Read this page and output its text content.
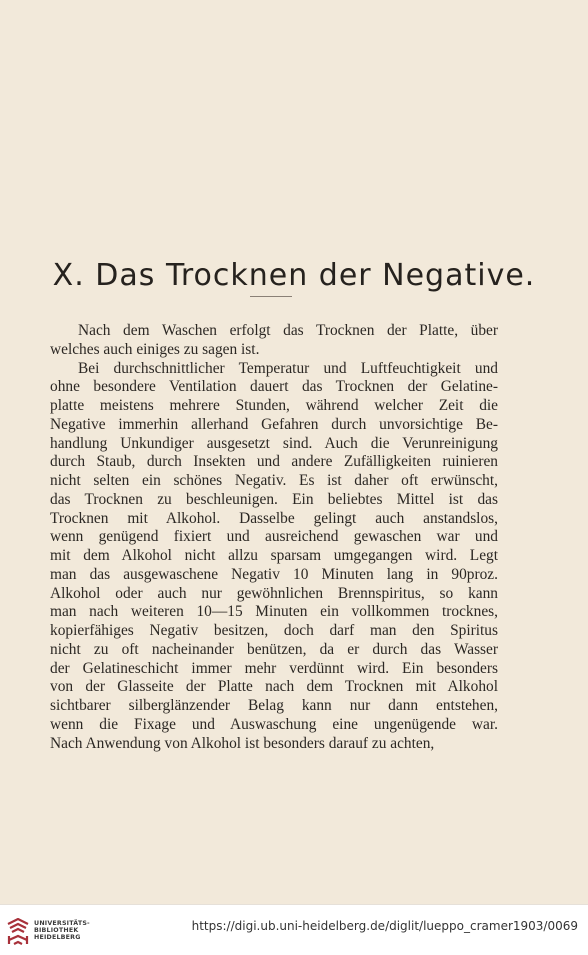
X. Das Trocknen der Negative.
Nach dem Waschen erfolgt das Trocknen der Platte, über
welches auch einiges zu sagen ist.
Bei durchschnittlicher Temperatur und Luftfeuchtigkeit und
ohne besondere Ventilation dauert das Trocknen der Gelatine-
platte meistens mehrere Stunden, während welcher Zeit die
Negative immerhin allerhand Gefahren durch unvorsichtige Be-
handlung Unkundiger ausgesetzt sind. Auch die Verunreinigung
durch Staub, durch Insekten und andere Zufälligkeiten ruinieren
nicht selten ein schönes Negativ. Es ist daher oft erwünscht,
das Trocknen zu beschleunigen. Ein beliebtes Mittel ist das
Trocknen mit Alkohol. Dasselbe gelingt auch anstandslos,
wenn genügend fixiert und ausreichend gewaschen war und
mit dem Alkohol nicht allzu sparsam umgegangen wird. Legt
man das ausgewaschene Negativ 10 Minuten lang in 90proz.
Alkohol oder auch nur gewöhnlichen Brennspiritus, so kann
man nach weiteren 10—15 Minuten ein vollkommen trocknes,
kopierfähiges Negativ besitzen, doch darf man den Spiritus
nicht zu oft nacheinander benützen, da er durch das Wasser
der Gelatineschicht immer mehr verdünnt wird. Ein besonders
von der Glasseite der Platte nach dem Trocknen mit Alkohol
sichtbarer silberglänzender Belag kann nur dann entstehen,
wenn die Fixage und Auswaschung eine ungenügende war.
Nach Anwendung von Alkohol ist besonders darauf zu achten,
UNIVERSITÄTS-
BIBLIOTHEK
HEIDELBERG
https://digi.ub.uni-heidelberg.de/diglit/lueppo_cramer1903/0069
